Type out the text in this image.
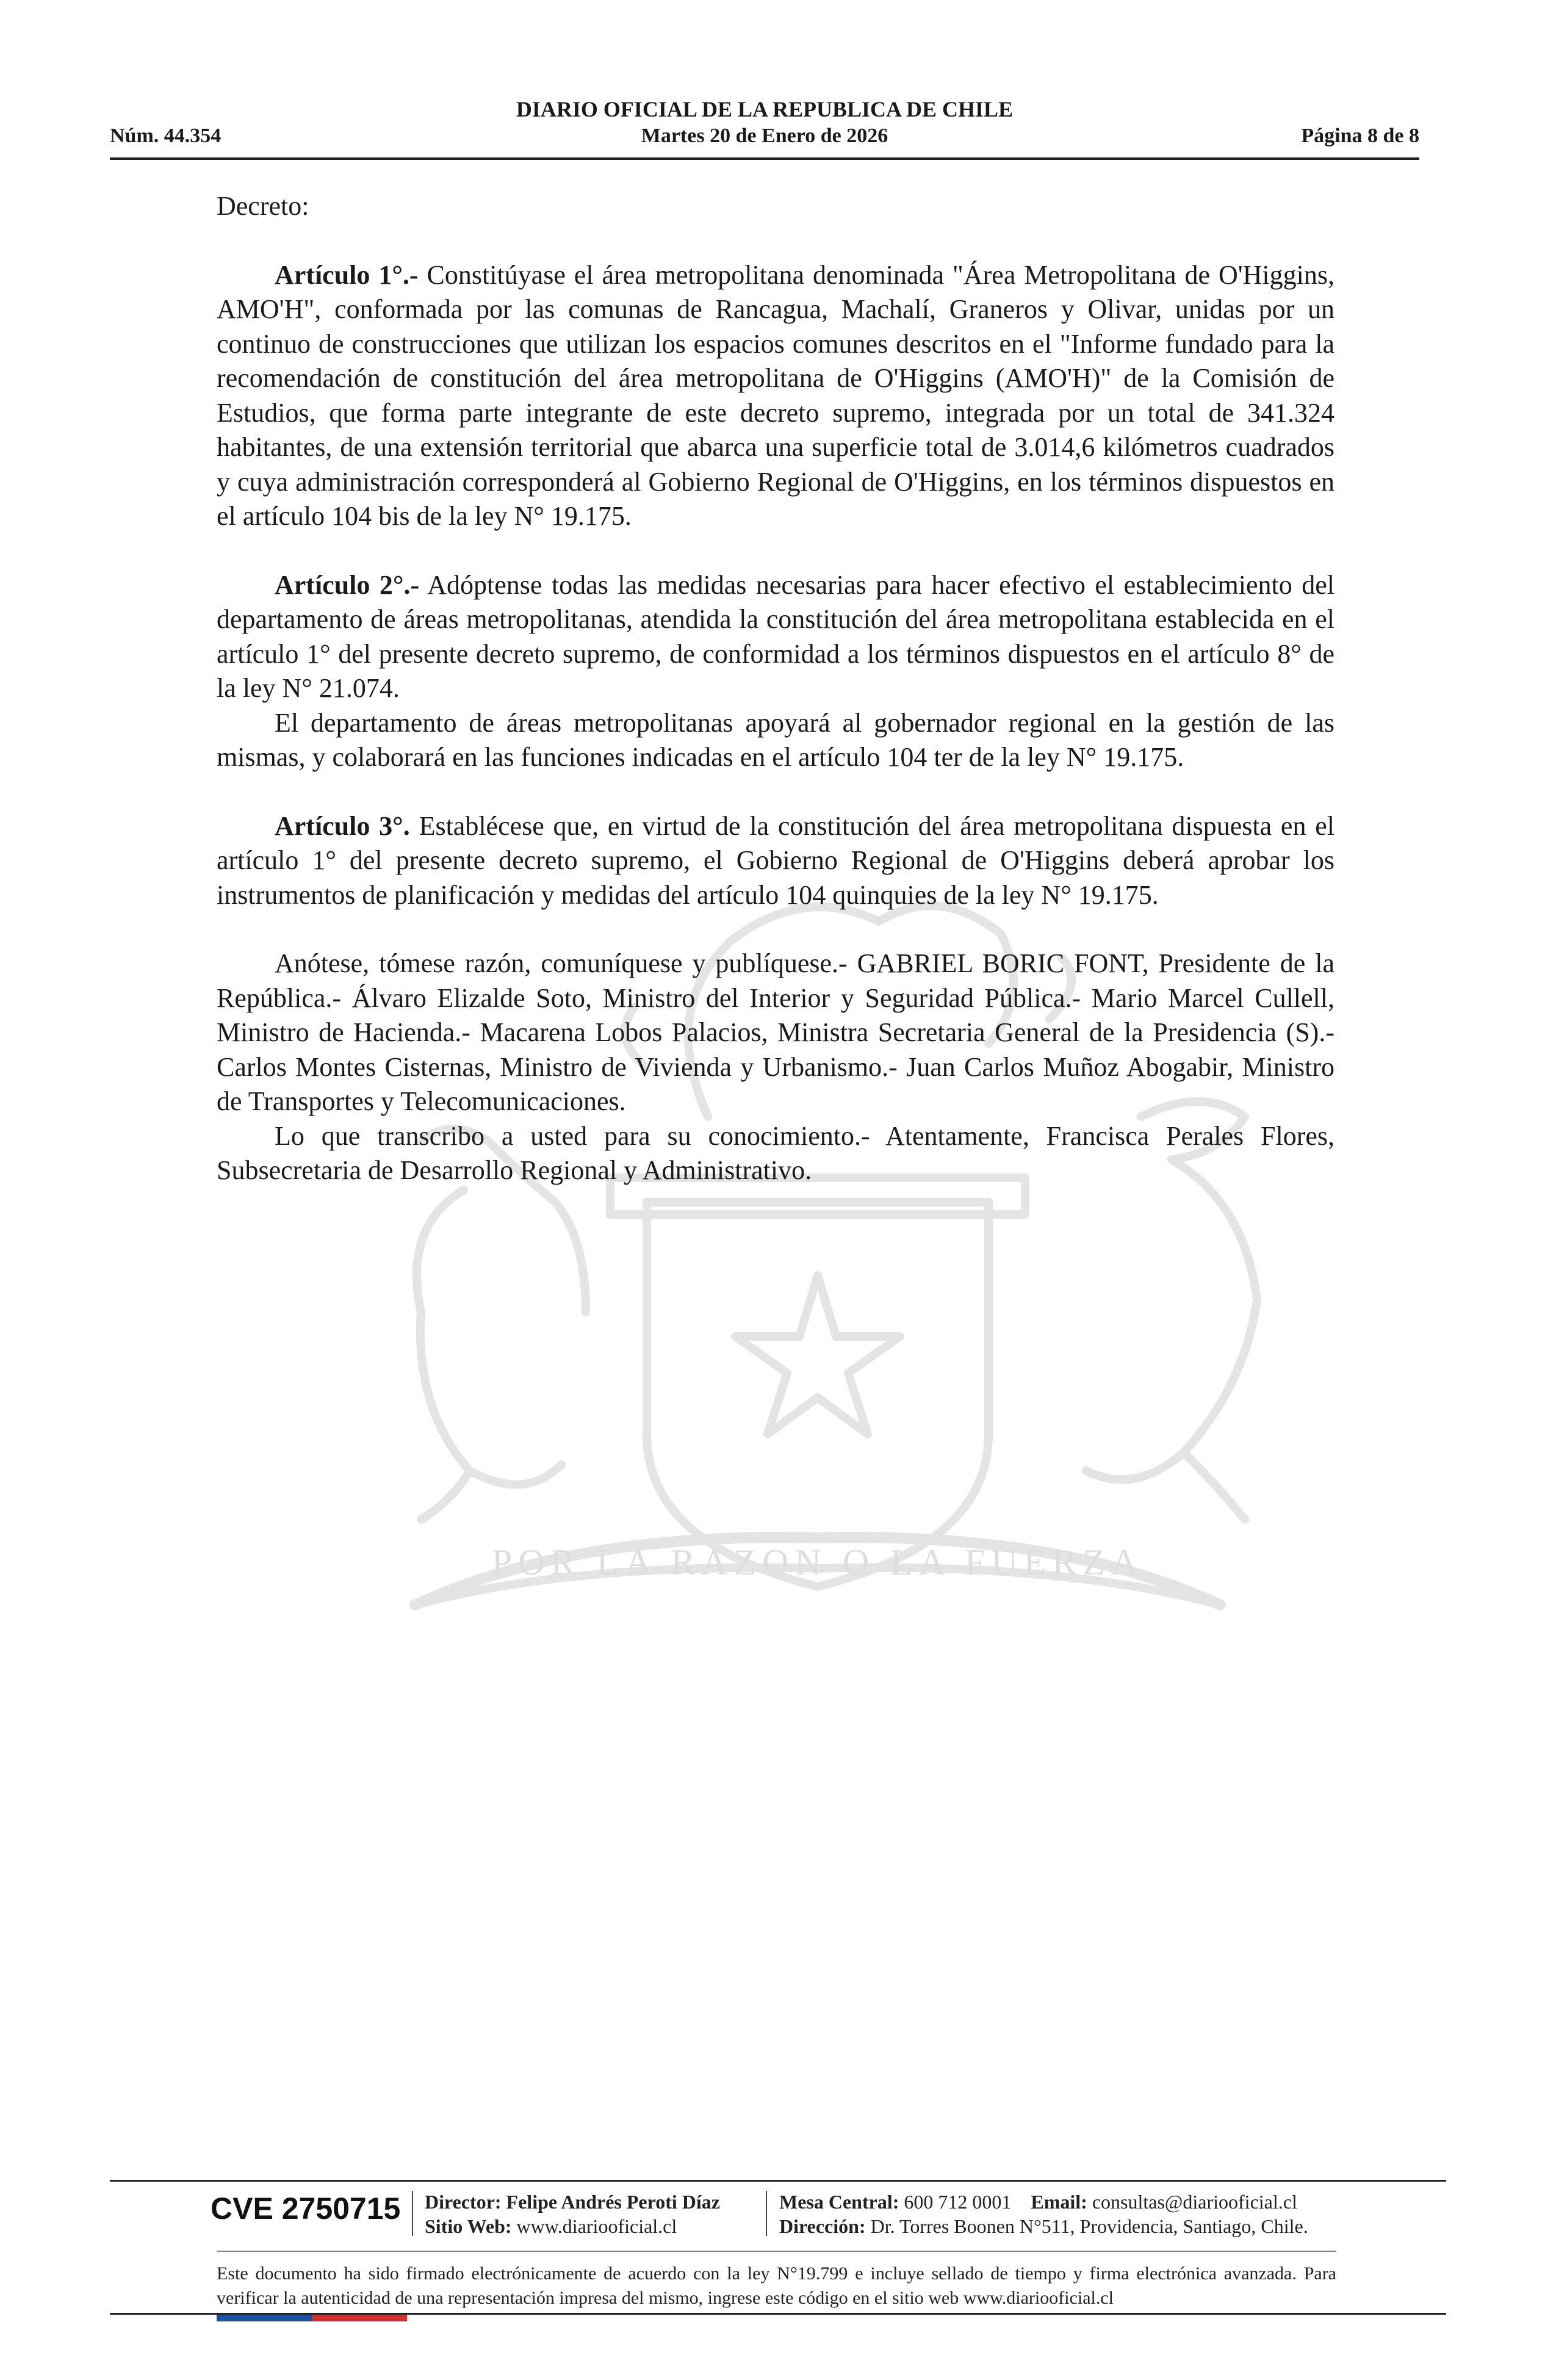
DIARIO OFICIAL DE LA REPUBLICA DE CHILE
Núm. 44.354	Martes 20 de Enero de 2026	Página 8 de 8
POR LA RAZON O LA FUERZA

Decreto:

Artículo 1°.- Constitúyase el área metropolitana denominada "Área Metropolitana de O'Higgins, AMO'H", conformada por las comunas de Rancagua, Machalí, Graneros y Olivar, unidas por un continuo de construcciones que utilizan los espacios comunes descritos en el "Informe fundado para la recomendación de constitución del área metropolitana de O'Higgins (AMO'H)" de la Comisión de Estudios, que forma parte integrante de este decreto supremo, integrada por un total de 341.324 habitantes, de una extensión territorial que abarca una superficie total de 3.014,6 kilómetros cuadrados y cuya administración corresponderá al Gobierno Regional de O'Higgins, en los términos dispuestos en el artículo 104 bis de la ley N° 19.175.

Artículo 2°.- Adóptense todas las medidas necesarias para hacer efectivo el establecimiento del departamento de áreas metropolitanas, atendida la constitución del área metropolitana establecida en el artículo 1° del presente decreto supremo, de conformidad a los términos dispuestos en el artículo 8° de la ley N° 21.074.

El departamento de áreas metropolitanas apoyará al gobernador regional en la gestión de las mismas, y colaborará en las funciones indicadas en el artículo 104 ter de la ley N° 19.175.

Artículo 3°. Establécese que, en virtud de la constitución del área metropolitana dispuesta en el artículo 1° del presente decreto supremo, el Gobierno Regional de O'Higgins deberá aprobar los instrumentos de planificación y medidas del artículo 104 quinquies de la ley N° 19.175.

Anótese, tómese razón, comuníquese y publíquese.- GABRIEL BORIC FONT, Presidente de la República.- Álvaro Elizalde Soto, Ministro del Interior y Seguridad Pública.- Mario Marcel Cullell, Ministro de Hacienda.- Macarena Lobos Palacios, Ministra Secretaria General de la Presidencia (S).- Carlos Montes Cisternas, Ministro de Vivienda y Urbanismo.- Juan Carlos Muñoz Abogabir, Ministro de Transportes y Telecomunicaciones.

Lo que transcribo a usted para su conocimiento.- Atentamente, Francisca Perales Flores, Subsecretaria de Desarrollo Regional y Administrativo.

CVE 2750715 Director: Felipe Andrés Peroti Díaz
Sitio Web: www.diariooficial.cl
Mesa Central: 600 712 0001 Email: consultas@diariooficial.cl
Dirección: Dr. Torres Boonen N°511, Providencia, Santiago, Chile.
Este documento ha sido firmado electrónicamente de acuerdo con la ley N°19.799 e incluye sellado de tiempo y firma electrónica avanzada. Para verificar la autenticidad de una representación impresa del mismo, ingrese este código en el sitio web www.diariooficial.cl
